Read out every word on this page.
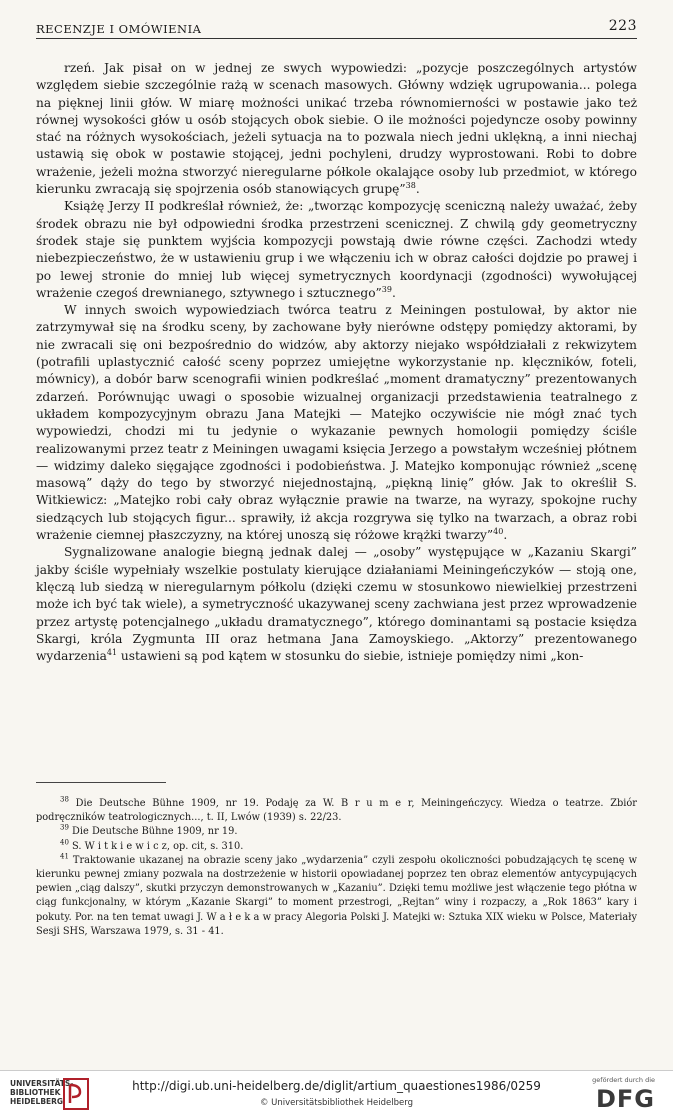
RECENZJE I OMÓWIENIA	223

rzeń. Jak pisał on w jednej ze swych wypowiedzi: „pozycje poszczególnych artystów względem siebie szczególnie rażą w scenach masowych. Główny wdzięk ugrupowania... polega na pięknej linii głów. W miarę możności unikać trzeba równomierności w postawie jako też równej wysokości głów u osób stojących obok siebie. O ile możności pojedyncze osoby powinny stać na różnych wysokościach, jeżeli sytuacja na to pozwala niech jedni uklękną, a inni niechaj ustawią się obok w postawie stojącej, jedni pochyleni, drudzy wyprostowani. Robi to dobre wrażenie, jeżeli można stworzyć nieregularne półkole okalające osoby lub przedmiot, w którego kierunku zwracają się spojrzenia osób stanowiących grupę”$^{38}$.

Książę Jerzy II podkreślał również, że: „tworząc kompozycję sceniczną należy uważać, żeby środek obrazu nie był odpowiedni środka przestrzeni scenicznej. Z chwilą gdy geometryczny środek staje się punktem wyjścia kompozycji powstają dwie równe części. Zachodzi wtedy niebezpieczeństwo, że w ustawieniu grup i we włączeniu ich w obraz całości dojdzie po prawej i po lewej stronie do mniej lub więcej symetrycznych koordynacji (zgodności) wywołującej wrażenie czegoś drewnianego, sztywnego i sztucznego”$^{39}$.

W innych swoich wypowiedziach twórca teatru z Meiningen postulował, by aktor nie zatrzymywał się na środku sceny, by zachowane były nierówne odstępy pomiędzy aktorami, by nie zwracali się oni bezpośrednio do widzów, aby aktorzy niejako współdziałali z rekwizytem (potrafili uplastycznić całość sceny poprzez umiejętne wykorzystanie np. klęczników, foteli, mównicy), a dobór barw scenografii winien podkreślać „moment dramatyczny” prezentowanych zdarzeń. Porównując uwagi o sposobie wizualnej organizacji przedstawienia teatralnego z układem kompozycyjnym obrazu Jana Matejki — Matejko oczywiście nie mógł znać tych wypowiedzi, chodzi mi tu jedynie o wykazanie pewnych homologii pomiędzy ściśle realizowanymi przez teatr z Meiningen uwagami księcia Jerzego a powstałym wcześniej płótnem — widzimy daleko sięgające zgodności i podobieństwa. J. Matejko komponując również „scenę masową” dąży do tego by stworzyć niejednostajną, „piękną linię” głów. Jak to określił S. Witkiewicz: „Matejko robi cały obraz wyłącznie prawie na twarze, na wyrazy, spokojne ruchy siedzących lub stojących figur... sprawiły, iż akcja rozgrywa się tylko na twarzach, a obraz robi wrażenie ciemnej płaszczyzny, na której unoszą się różowe krążki twarzy”$^{40}$.

Sygnalizowane analogie biegną jednak dalej — „osoby” występujące w „Kazaniu Skargi” jakby ściśle wypełniały wszelkie postulaty kierujące działaniami Meiningeńczyków — stoją one, klęczą lub siedzą w nieregularnym półkolu (dzięki czemu w stosunkowo niewielkiej przestrzeni może ich być tak wiele), a symetryczność ukazywanej sceny zachwiana jest przez wprowadzenie przez artystę potencjalnego „układu dramatycznego”, którego dominantami są postacie księdza Skargi, króla Zygmunta III oraz hetmana Jana Zamoyskiego. „Aktorzy” prezentowanego wydarzenia$^{41}$ ustawieni są pod kątem w stosunku do siebie, istnieje pomiędzy nimi „kon-

$^{38}$ Die Deutsche Bühne 1909, nr 19. Podaję za W. B r u m e r, Meiningeńczycy. Wiedza o teatrze. Zbiór podręczników teatrologicznych..., t. II, Lwów (1939) s. 22/23.

$^{39}$ Die Deutsche Bühne 1909, nr 19.

$^{40}$ S. W i t k i e w i c z, op. cit, s. 310.

$^{41}$ Traktowanie ukazanej na obrazie sceny jako „wydarzenia” czyli zespołu okoliczności pobudzających tę scenę w kierunku pewnej zmiany pozwala na dostrzeżenie w historii opowiadanej poprzez ten obraz elementów antycypujących pewien „ciąg dalszy”, skutki przyczyn demonstrowanych w „Kazaniu”. Dzięki temu możliwe jest włączenie tego płótna w ciąg funkcjonalny, w którym „Kazanie Skargi” to moment przestrogi, „Rejtan” winy i rozpaczy, a „Rok 1863” kary i pokuty. Por. na ten temat uwagi J. W a ł e k a w pracy Alegoria Polski J. Matejki w: Sztuka XIX wieku w Polsce, Materiały Sesji SHS, Warszawa 1979, s. 31 - 41.

UNIVERSITÄTS-
BIBLIOTHEK
HEIDELBERG
http://digi.ub.uni-heidelberg.de/diglit/artium_quaestiones1986/0259
© Universitätsbibliothek Heidelberg
gefördert durch die
DFG
